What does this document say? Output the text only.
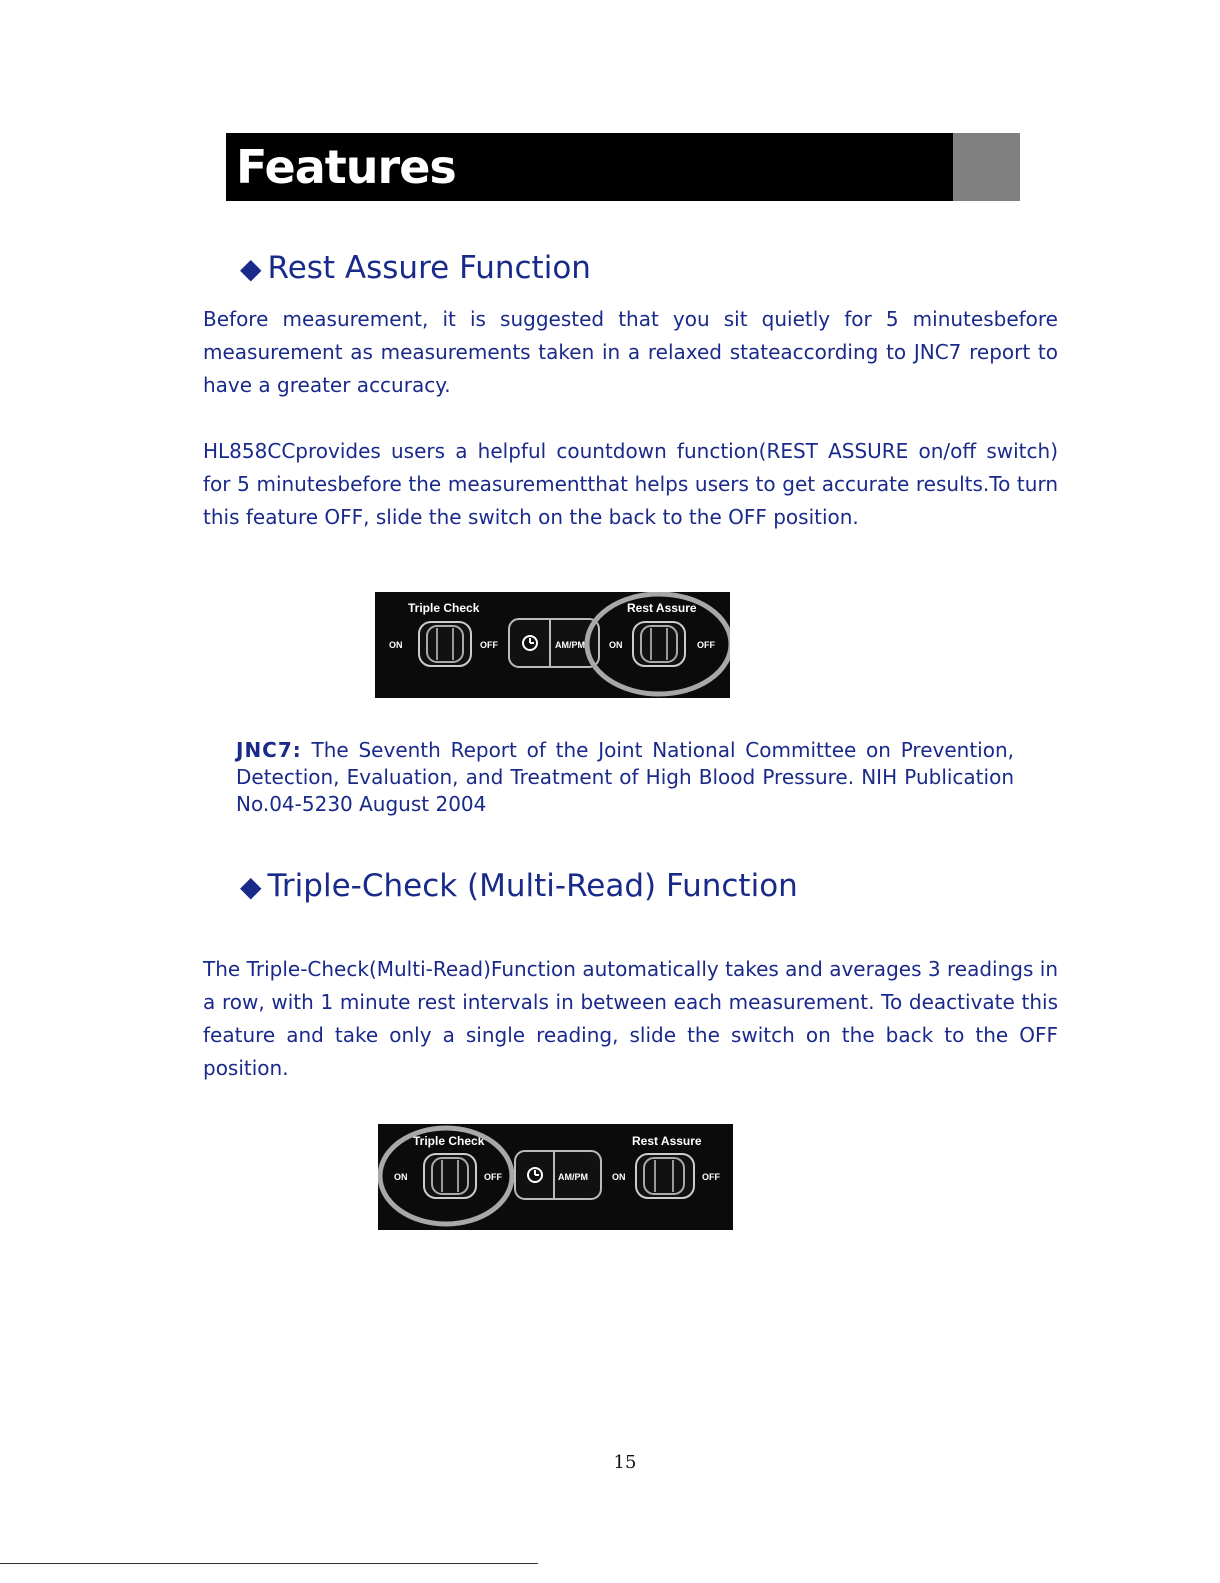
Features
◆ Rest Assure Function

Before measurement, it is suggested that you sit quietly for 5 minutesbefore measurement as measurements taken in a relaxed stateaccording to JNC7 report to have a greater accuracy.

HL858CCprovides users a helpful countdown function(REST ASSURE on/off switch) for 5 minutesbefore the measurementthat helps users to get accurate results.To turn this feature OFF, slide the switch on the back to the OFF position.

Triple Check
ON	OFF	AM/PM
Rest Assure
ON	OFF
JNC7: The Seventh Report of the Joint National Committee on Prevention, Detection, Evaluation, and Treatment of High Blood Pressure. NIH Publication No.04-5230 August 2004
◆ Triple-Check (Multi-Read) Function

The Triple-Check(Multi-Read)Function automatically takes and averages 3 readings in a row, with 1 minute rest intervals in between each measurement. To deactivate this feature and take only a single reading, slide the switch on the back to the OFF position.

Triple Check
ON	OFF	AM/PM
Rest Assure
ON	OFF
15
